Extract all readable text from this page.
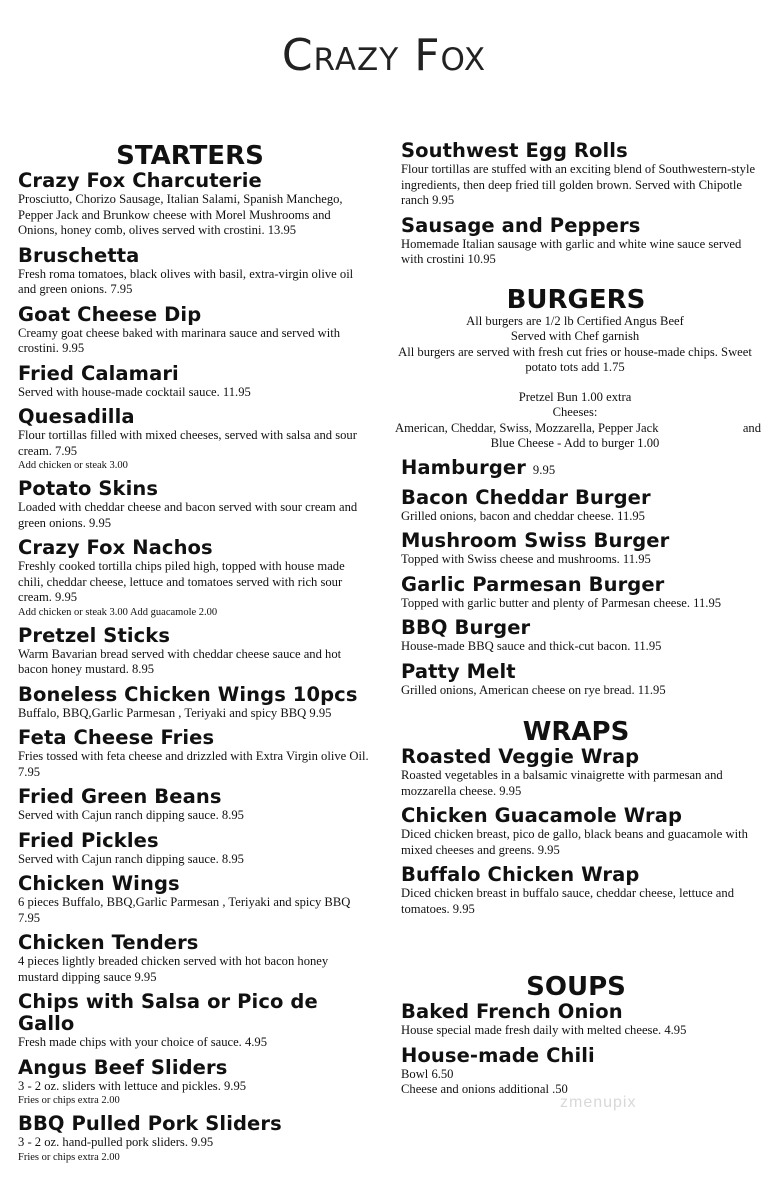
Crazy Fox
STARTERS
Crazy Fox Charcuterie
Prosciutto, Chorizo Sausage, Italian Salami, Spanish Manchego, Pepper Jack and Brunkow cheese with Morel Mushrooms and Onions, honey comb, olives served with crostini. 13.95
Bruschetta
Fresh roma tomatoes, black olives with basil, extra-virgin olive oil and green onions. 7.95
Goat Cheese Dip
Creamy goat cheese baked with marinara sauce and served with crostini. 9.95
Fried Calamari
Served with house-made cocktail sauce. 11.95
Quesadilla
Flour tortillas filled with mixed cheeses, served with salsa and sour cream. 7.95
Add chicken or steak 3.00
Potato Skins
Loaded with cheddar cheese and bacon served with sour cream and green onions. 9.95
Crazy Fox Nachos
Freshly cooked tortilla chips piled high, topped with house made chili, cheddar cheese, lettuce and tomatoes served with rich sour cream. 9.95
Add chicken or steak 3.00 Add guacamole 2.00
Pretzel Sticks
Warm Bavarian bread served with cheddar cheese sauce and hot bacon honey mustard. 8.95
Boneless Chicken Wings 10pcs
Buffalo, BBQ,Garlic Parmesan , Teriyaki and spicy BBQ 9.95
Feta Cheese Fries
Fries tossed with feta cheese and drizzled with Extra Virgin olive Oil. 7.95
Fried Green Beans
Served with Cajun ranch dipping sauce. 8.95
Fried Pickles
Served with Cajun ranch dipping sauce. 8.95
Chicken Wings
6 pieces Buffalo, BBQ,Garlic Parmesan , Teriyaki and spicy BBQ 7.95
Chicken Tenders
4 pieces lightly breaded chicken served with hot bacon honey mustard dipping sauce 9.95
Chips with Salsa or Pico de Gallo
Fresh made chips with your choice of sauce. 4.95
Angus Beef Sliders
3 - 2 oz. sliders with lettuce and pickles. 9.95
Fries or chips extra 2.00
BBQ Pulled Pork Sliders
3 - 2 oz. hand-pulled pork sliders. 9.95
Fries or chips extra 2.00
Southwest Egg Rolls
Flour tortillas are stuffed with an exciting blend of Southwestern-style ingredients, then deep fried till golden brown. Served with Chipotle ranch 9.95
Sausage and Peppers
Homemade Italian sausage with garlic and white wine sauce served with crostini 10.95
BURGERS
All burgers are 1/2 lb Certified Angus Beef
Served with Chef garnish
All burgers are served with fresh cut fries or house-made chips. Sweet potato tots add 1.75
Pretzel Bun 1.00 extra
Cheeses:
American, Cheddar, Swiss, Mozzarella, Pepper Jack	and
Blue Cheese - Add to burger 1.00
Hamburger 9.95
Bacon Cheddar Burger
Grilled onions, bacon and cheddar cheese. 11.95
Mushroom Swiss Burger
Topped with Swiss cheese and mushrooms. 11.95
Garlic Parmesan Burger
Topped with garlic butter and plenty of Parmesan cheese. 11.95
BBQ Burger
House-made BBQ sauce and thick-cut bacon. 11.95
Patty Melt
Grilled onions, American cheese on rye bread. 11.95
WRAPS
Roasted Veggie Wrap
Roasted vegetables in a balsamic vinaigrette with parmesan and mozzarella cheese. 9.95
Chicken Guacamole Wrap
Diced chicken breast, pico de gallo, black beans and guacamole with mixed cheeses and greens. 9.95
Buffalo Chicken Wrap
Diced chicken breast in buffalo sauce, cheddar cheese, lettuce and tomatoes. 9.95
SOUPS
Baked French Onion
House special made fresh daily with melted cheese. 4.95
House-made Chili
Bowl 6.50
Cheese and onions additional .50
zmenupix
